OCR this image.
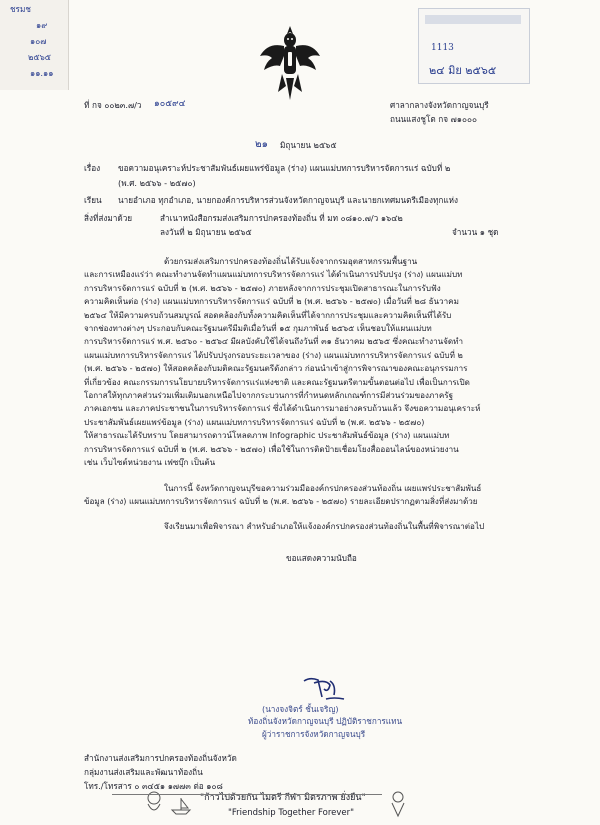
ชรมช
๑๙
๑๐๗
๒๕๖๕
๑๑.๑๑
1113
๒๔ มิย ๒๕๖๕
ที่ กจ ๐๐๒๓.๗/ว ๑๐๕๙๔	ศาลากลางจังหวัดกาญจนบุรี
ถนนแสงชูโต กจ ๗๑๐๐๐
๒๑ มิถุนายน ๒๕๖๕
เรื่อง ขอความอนุเคราะห์ประชาสัมพันธ์เผยแพร่ข้อมูล (ร่าง) แผนแม่บทการบริหารจัดการแร่ ฉบับที่ ๒
(พ.ศ. ๒๕๖๖ - ๒๕๗๐)
เรียน นายอำเภอ ทุกอำเภอ, นายกองค์การบริหารส่วนจังหวัดกาญจนบุรี และนายกเทศมนตรีเมืองทุกแห่ง
สิ่งที่ส่งมาด้วย	สำเนาหนังสือกรมส่งเสริมการปกครองท้องถิ่น ที่ มท ๐๘๑๐.๗/ว ๑๖๔๒
ลงวันที่ ๒ มิถุนายน ๒๕๖๕	จำนวน ๑ ชุด
ด้วยกรมส่งเสริมการปกครองท้องถิ่นได้รับแจ้งจากกรมอุตสาหกรรมพื้นฐาน
และการเหมืองแร่ว่า คณะทำงานจัดทำแผนแม่บทการบริหารจัดการแร่ ได้ดำเนินการปรับปรุง (ร่าง) แผนแม่บท
การบริหารจัดการแร่ ฉบับที่ ๒ (พ.ศ. ๒๕๖๖ - ๒๕๗๐) ภายหลังจากการประชุมเปิดสาธารณะในการรับฟัง
ความคิดเห็นต่อ (ร่าง) แผนแม่บทการบริหารจัดการแร่ ฉบับที่ ๒ (พ.ศ. ๒๕๖๖ - ๒๕๗๐) เมื่อวันที่ ๒๘ ธันวาคม
๒๕๖๔ ให้มีความครบถ้วนสมบูรณ์ สอดคล้องกับทั้งความคิดเห็นที่ได้จากการประชุมและความคิดเห็นที่ได้รับ
จากช่องทางต่างๆ ประกอบกับคณะรัฐมนตรีมีมติเมื่อวันที่ ๑๕ กุมภาพันธ์ ๒๕๖๕ เห็นชอบให้แผนแม่บท
การบริหารจัดการแร่ พ.ศ. ๒๕๖๐ - ๒๕๖๔ มีผลบังคับใช้ได้จนถึงวันที่ ๓๑ ธันวาคม ๒๕๖๕ ซึ่งคณะทำงานจัดทำ
แผนแม่บทการบริหารจัดการแร่ ได้ปรับปรุงกรอบระยะเวลาของ (ร่าง) แผนแม่บทการบริหารจัดการแร่ ฉบับที่ ๒
(พ.ศ. ๒๕๖๖ - ๒๕๗๐) ให้สอดคล้องกับมติคณะรัฐมนตรีดังกล่าว ก่อนนำเข้าสู่การพิจารณาของคณะอนุกรรมการ
ที่เกี่ยวข้อง คณะกรรมการนโยบายบริหารจัดการแร่แห่งชาติ และคณะรัฐมนตรีตามขั้นตอนต่อไป เพื่อเป็นการเปิด
โอกาสให้ทุกภาคส่วนร่วมเพิ่มเติมนอกเหนือไปจากกระบวนการที่กำหนดหลักเกณฑ์การมีส่วนร่วมของภาครัฐ
ภาคเอกชน และภาคประชาชนในการบริหารจัดการแร่ ซึ่งได้ดำเนินการมาอย่างครบถ้วนแล้ว จึงขอความอนุเคราะห์
ประชาสัมพันธ์เผยแพร่ข้อมูล (ร่าง) แผนแม่บทการบริหารจัดการแร่ ฉบับที่ ๒ (พ.ศ. ๒๕๖๖ - ๒๕๗๐)
ให้สาธารณะได้รับทราบ โดยสามารถดาวน์โหลดภาพ Infographic ประชาสัมพันธ์ข้อมูล (ร่าง) แผนแม่บท
การบริหารจัดการแร่ ฉบับที่ ๒ (พ.ศ. ๒๕๖๖ - ๒๕๗๐) เพื่อใช้ในการติดป้ายเชื่อมโยงสื่อออนไลน์ของหน่วยงาน
เช่น เว็บไซต์หน่วยงาน เฟซบุ๊ก เป็นต้น
ในการนี้ จังหวัดกาญจนบุรีขอความร่วมมือองค์กรปกครองส่วนท้องถิ่น เผยแพร่ประชาสัมพันธ์
ข้อมูล (ร่าง) แผนแม่บทการบริหารจัดการแร่ ฉบับที่ ๒ (พ.ศ. ๒๕๖๖ - ๒๕๗๐) รายละเอียดปรากฏตามสิ่งที่ส่งมาด้วย
จึงเรียนมาเพื่อพิจารณา สำหรับอำเภอให้แจ้งองค์กรปกครองส่วนท้องถิ่นในพื้นที่พิจารณาต่อไป
ขอแสดงความนับถือ
(นางจงจิตร์ ชั้นเจริญ)
ท้องถิ่นจังหวัดกาญจนบุรี ปฏิบัติราชการแทน
ผู้ว่าราชการจังหวัดกาญจนบุรี
สำนักงานส่งเสริมการปกครองท้องถิ่นจังหวัด
กลุ่มงานส่งเสริมและพัฒนาท้องถิ่น
โทร./โทรสาร ๐ ๓๔๕๑ ๑๗๗๓ ต่อ ๑๐๘
"ก้าวไปด้วยกัน ไมตรี กีฬา มิตรภาพ ยั่งยืน"
"Friendship Together Forever"
